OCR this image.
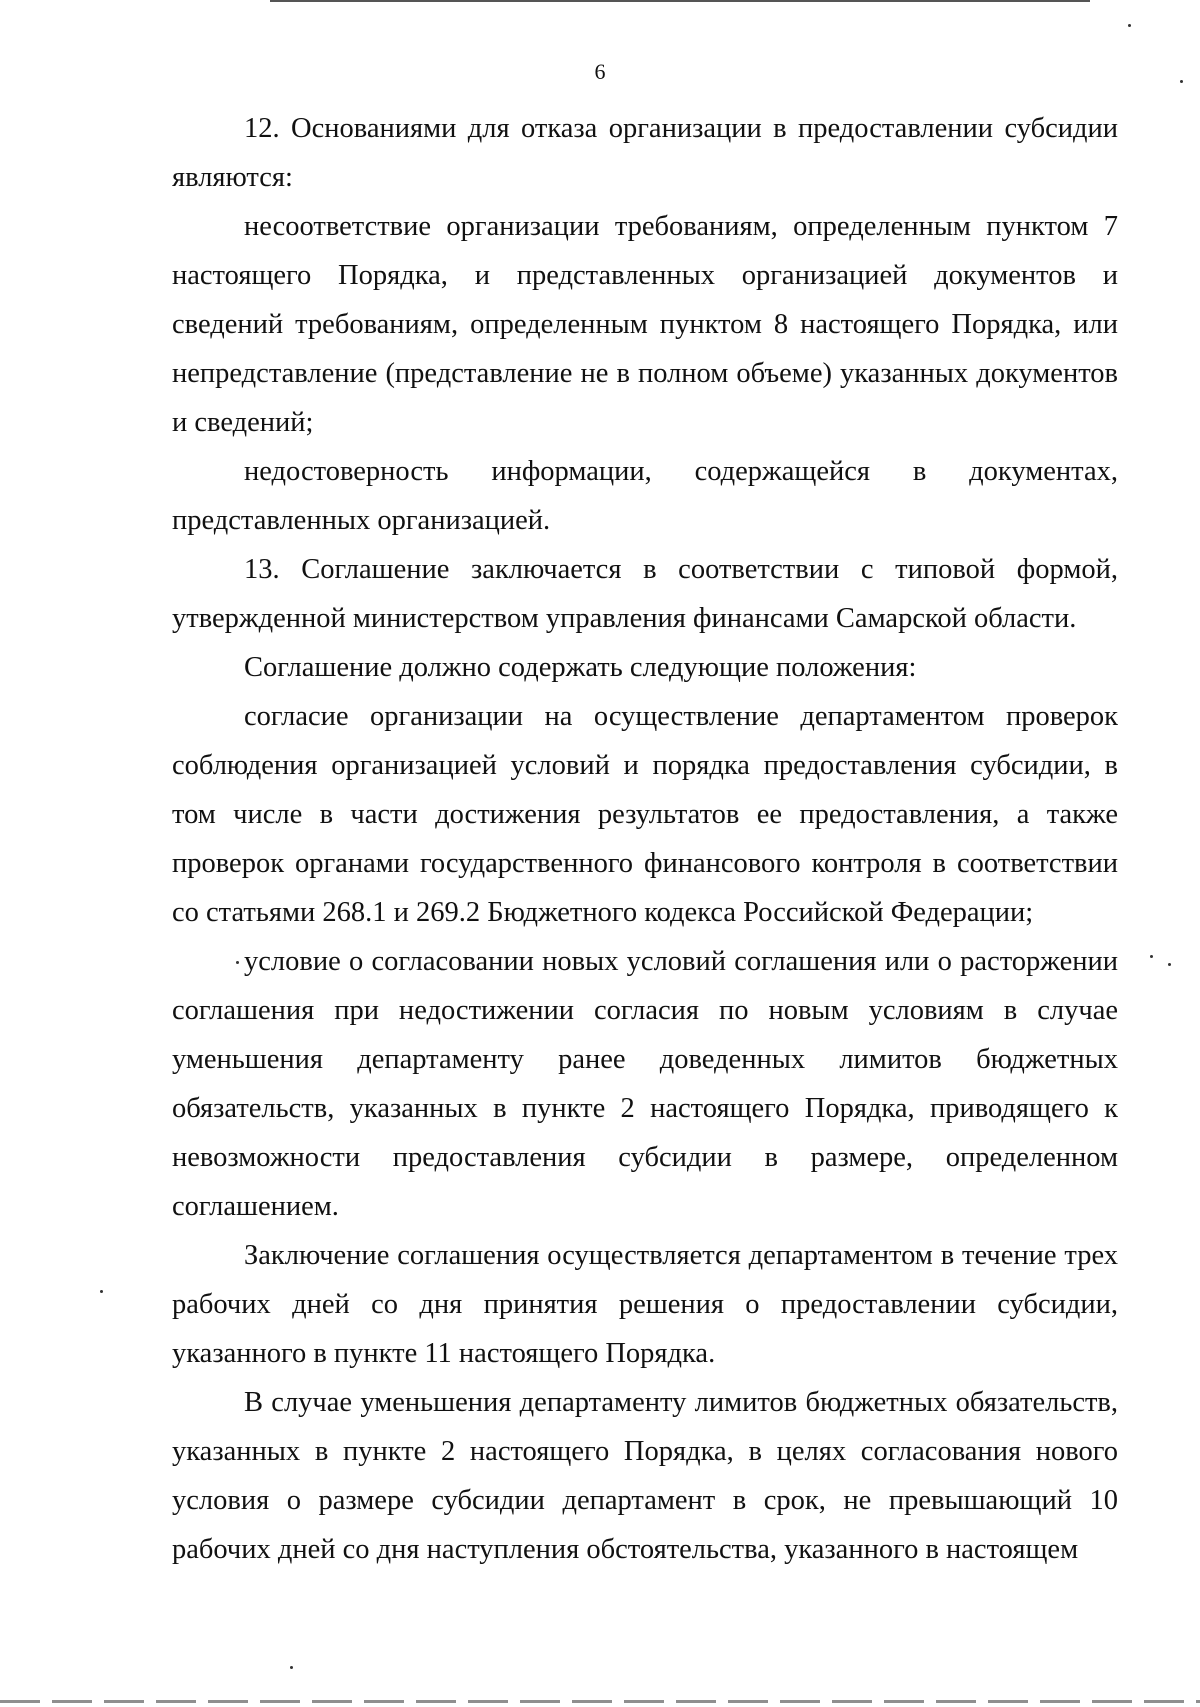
6

12. Основаниями для отказа организации в предоставлении субсидии являются:

несоответствие организации требованиям, определенным пунктом 7 настоящего Порядка, и представленных организацией документов и сведений требованиям, определенным пунктом 8 настоящего Порядка, или непредставление (представление не в полном объеме) указанных документов и сведений;

недостоверность информации, содержащейся в документах, представленных организацией.

13. Соглашение заключается в соответствии с типовой формой, утвержденной министерством управления финансами Самарской области.

Соглашение должно содержать следующие положения:

согласие организации на осуществление департаментом проверок соблюдения организацией условий и порядка предоставления субсидии, в том числе в части достижения результатов ее предоставления, а также проверок органами государственного финансового контроля в соответствии со статьями 268.1 и 269.2 Бюджетного кодекса Российской Федерации;

условие о согласовании новых условий соглашения или о расторжении соглашения при недостижении согласия по новым условиям в случае уменьшения департаменту ранее доведенных лимитов бюджетных обязательств, указанных в пункте 2 настоящего Порядка, приводящего к невозможности предоставления субсидии в размере, определенном соглашением.

Заключение соглашения осуществляется департаментом в течение трех рабочих дней со дня принятия решения о предоставлении субсидии, указанного в пункте 11 настоящего Порядка.

В случае уменьшения департаменту лимитов бюджетных обязательств, указанных в пункте 2 настоящего Порядка, в целях согласования нового условия о размере субсидии департамент в срок, не превышающий 10 рабочих дней со дня наступления обстоятельства, указанного в настоящем
